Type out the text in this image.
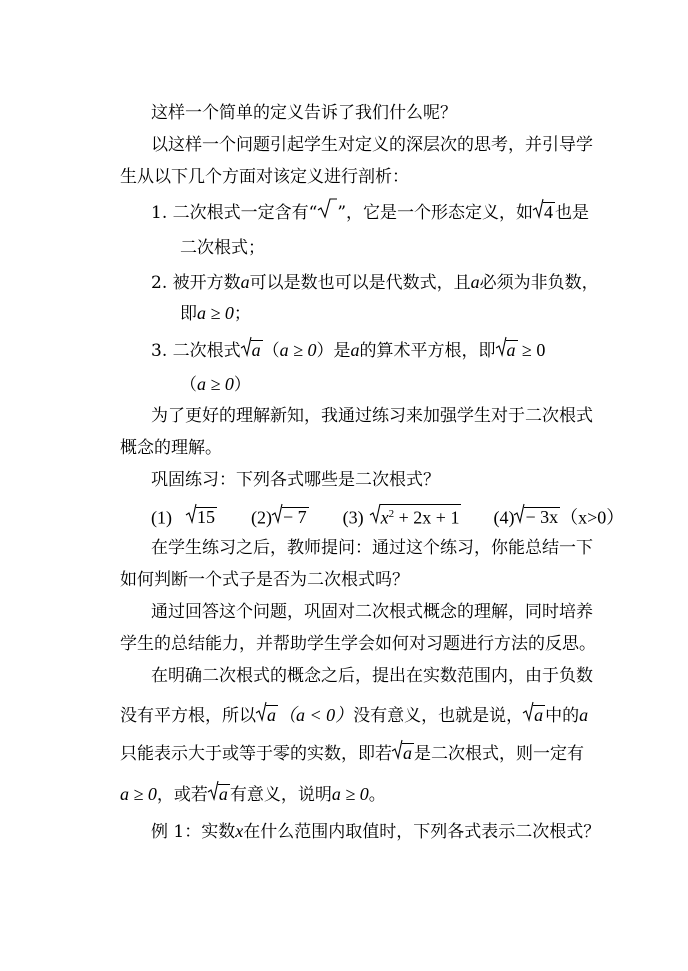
这样一个简单的定义告诉了我们什么呢？
以这样一个问题引起学生对定义的深层次的思考，并引导学
生从以下几个方面对该定义进行剖析：
1. 二次根式一定含有“ ”，它是一个形态定义，如 4 也是
二次根式；
2. 被开方数a可以是数也可以是代数式，且a必须为非负数，
即a ≥ 0；
3. 二次根式 a （a ≥ 0）是a的算术平方根，即 a ≥ 0
（a ≥ 0）
为了更好的理解新知，我通过练习来加强学生对于二次根式
概念的理解。
巩固练习：下列各式哪些是二次根式？
(1) 15 (2) − 7 (3) $x^2 + 2x + 1$ (4) − 3x （x>0）
在学生练习之后，教师提问：通过这个练习，你能总结一下
如何判断一个式子是否为二次根式吗？
通过回答这个问题，巩固对二次根式概念的理解，同时培养
学生的总结能力，并帮助学生学会如何对习题进行方法的反思。
在明确二次根式的概念之后，提出在实数范围内，由于负数
没有平方根，所以 a （a < 0）没有意义，也就是说， a 中的a
只能表示大于或等于零的实数，即若 a 是二次根式，则一定有
a ≥ 0，或若 a 有意义，说明a ≥ 0。
例 1：实数x在什么范围内取值时，下列各式表示二次根式？
